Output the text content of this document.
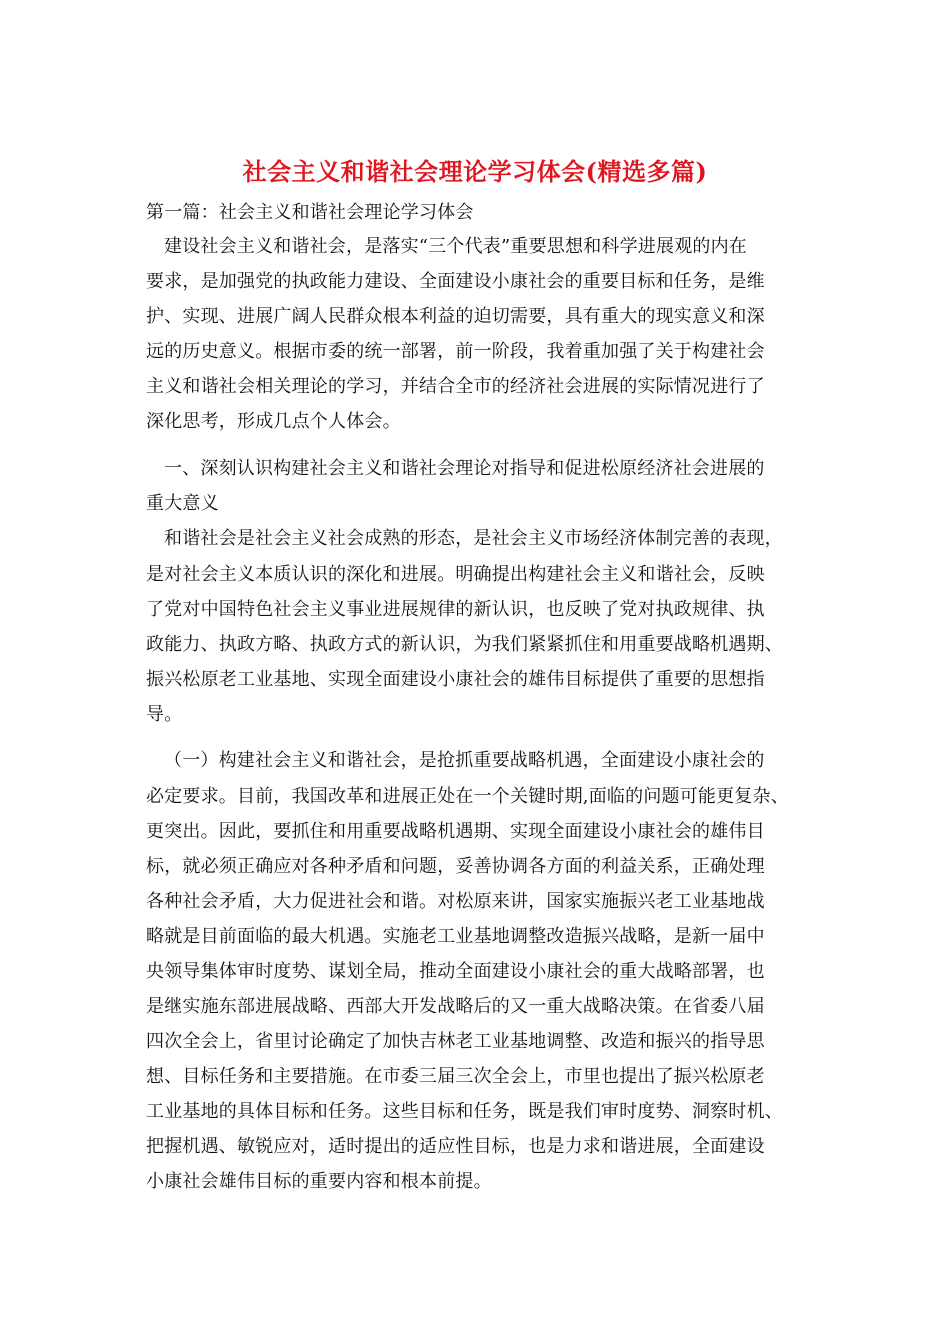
社会主义和谐社会理论学习体会(精选多篇)
第一篇：社会主义和谐社会理论学习体会
建设社会主义和谐社会，是落实“三个代表”重要思想和科学进展观的内在
要求，是加强党的执政能力建设、全面建设小康社会的重要目标和任务，是维
护、实现、进展广阔人民群众根本利益的迫切需要，具有重大的现实意义和深
远的历史意义。根据市委的统一部署，前一阶段，我着重加强了关于构建社会
主义和谐社会相关理论的学习，并结合全市的经济社会进展的实际情况进行了
深化思考，形成几点个人体会。
一、深刻认识构建社会主义和谐社会理论对指导和促进松原经济社会进展的
重大意义
和谐社会是社会主义社会成熟的形态，是社会主义市场经济体制完善的表现，
是对社会主义本质认识的深化和进展。明确提出构建社会主义和谐社会，反映
了党对中国特色社会主义事业进展规律的新认识，也反映了党对执政规律、执
政能力、执政方略、执政方式的新认识，为我们紧紧抓住和用重要战略机遇期、
振兴松原老工业基地、实现全面建设小康社会的雄伟目标提供了重要的思想指
导。
（一）构建社会主义和谐社会，是抢抓重要战略机遇，全面建设小康社会的
必定要求。目前，我国改革和进展正处在一个关键时期,面临的问题可能更复杂、
更突出。因此，要抓住和用重要战略机遇期、实现全面建设小康社会的雄伟目
标，就必须正确应对各种矛盾和问题，妥善协调各方面的利益关系，正确处理
各种社会矛盾，大力促进社会和谐。对松原来讲，国家实施振兴老工业基地战
略就是目前面临的最大机遇。实施老工业基地调整改造振兴战略，是新一届中
央领导集体审时度势、谋划全局，推动全面建设小康社会的重大战略部署，也
是继实施东部进展战略、西部大开发战略后的又一重大战略决策。在省委八届
四次全会上，省里讨论确定了加快吉林老工业基地调整、改造和振兴的指导思
想、目标任务和主要措施。在市委三届三次全会上，市里也提出了振兴松原老
工业基地的具体目标和任务。这些目标和任务，既是我们审时度势、洞察时机、
把握机遇、敏锐应对，适时提出的适应性目标，也是力求和谐进展，全面建设
小康社会雄伟目标的重要内容和根本前提。
